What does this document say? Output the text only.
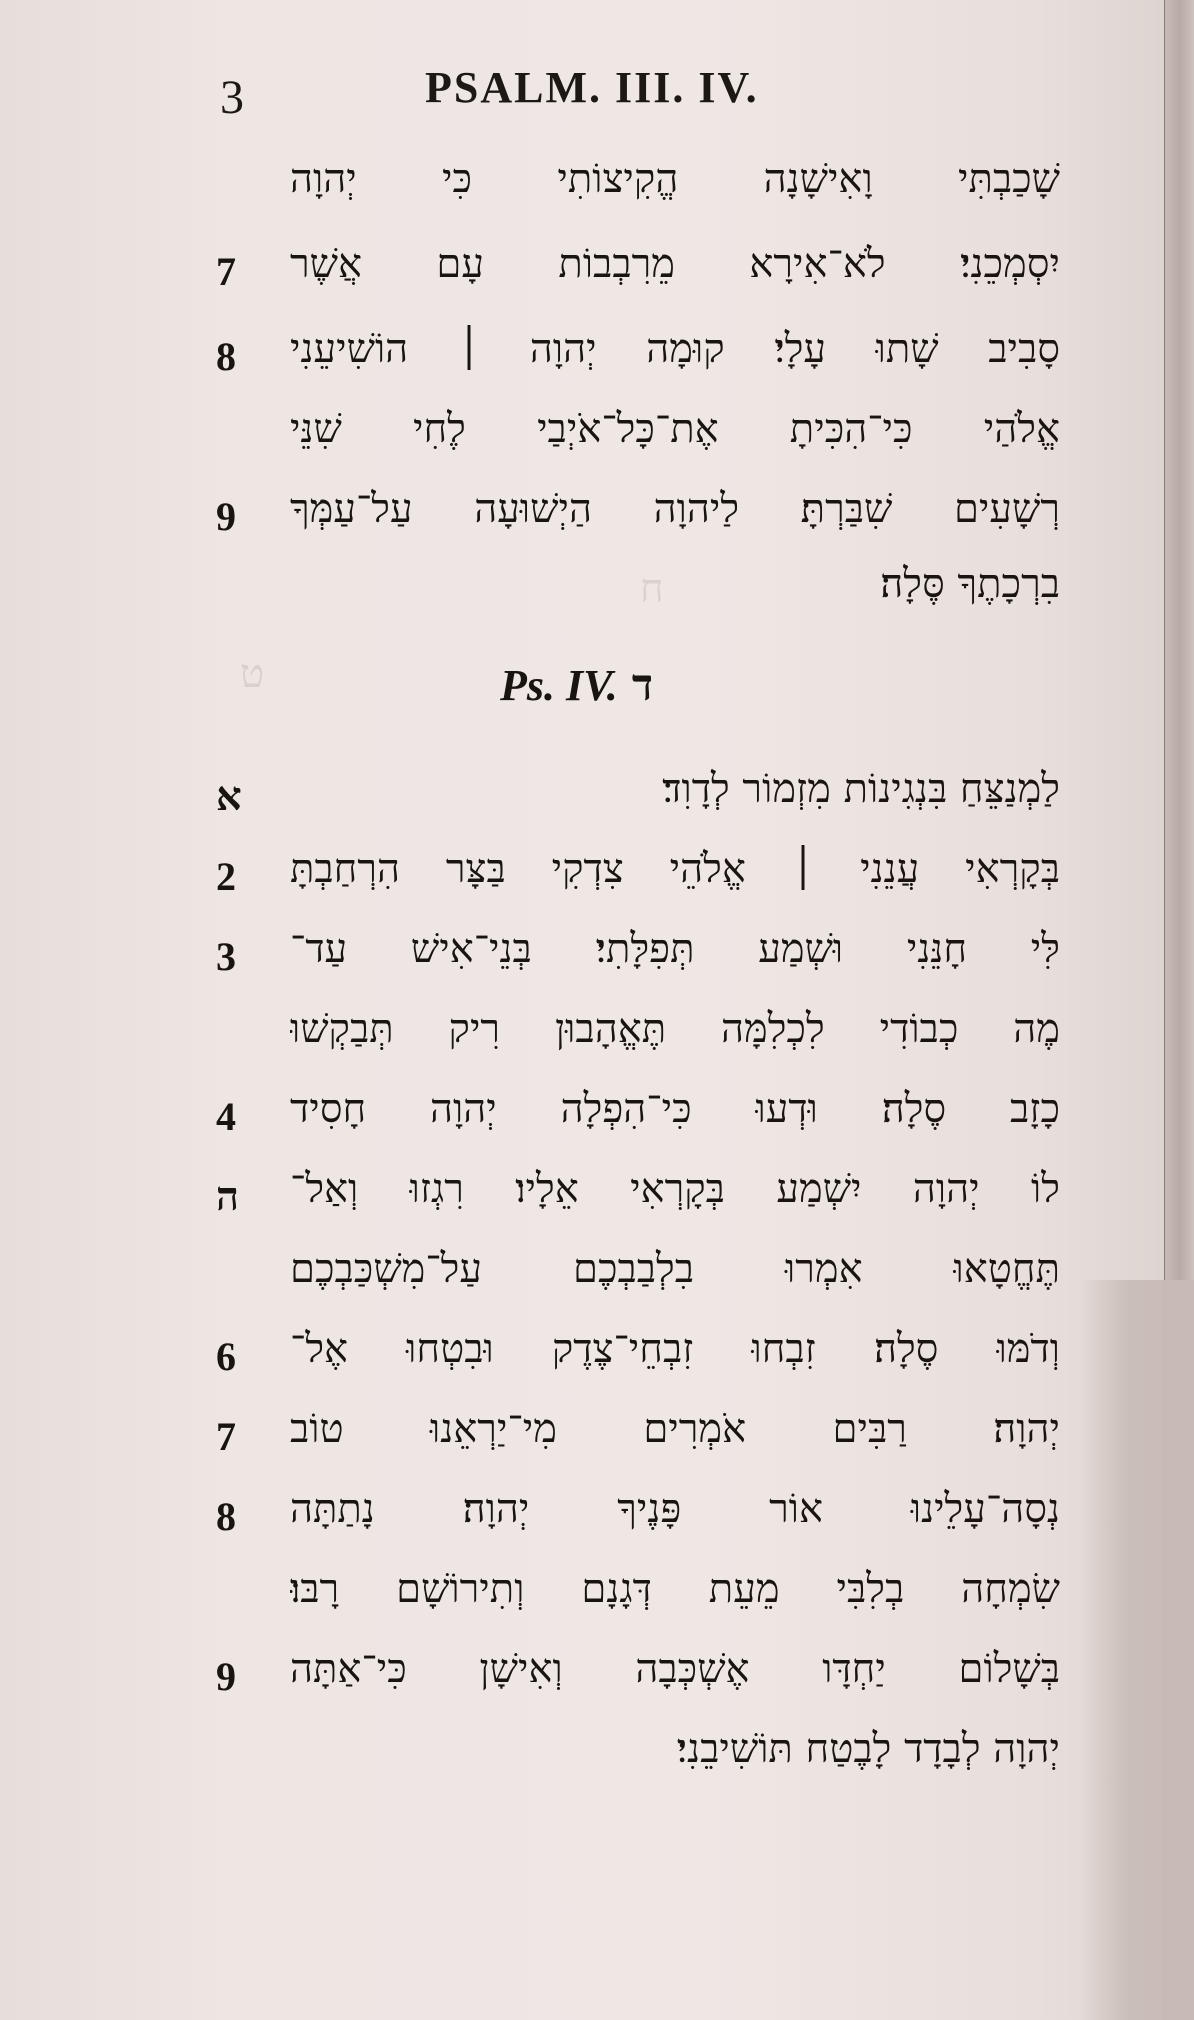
ח
ט
3	PSALM. III. IV.
שָׁכַבְתִּי וָאִישָׁנָה הֱקִיצוֹתִי כִּי יְהוָה
יִסְמְכֵנִי׃ לֹא־אִירָא מֵרִבְבוֹת עָם אֲשֶׁר
7
סָבִיב שָׁתוּ עָלָי׃ קוּמָה יְהוָה ׀ הוֹשִׁיעֵנִי
8
אֱלֹהַי כִּי־הִכִּיתָ אֶת־כָּל־אֹיְבַי לֶחִי שִׁנֵּי
רְשָׁעִים שִׁבַּרְתָּ׃ לַיהוָה הַיְשׁוּעָה עַל־עַמְּךָ
9
בִרְכָתֶךָ סֶּלָה׃
לַמְנַצֵּחַ בִּנְגִינוֹת מִזְמוֹר לְדָוִד׃
א
בְּקָרְאִי עֲנֵנִי ׀ אֱלֹהֵי צִדְקִי בַּצָּר הִרְחַבְתָּ
2
לִּי חָנֵּנִי וּשְׁמַע תְּפִלָּתִי׃ בְּנֵי־אִישׁ עַד־
3
מֶה כְבוֹדִי לִכְלִמָּה תֶּאֱהָבוּן רִיק תְּבַקְשׁוּ
כָזָב סֶלָה׃ וּדְעוּ כִּי־הִפְלָה יְהוָה חָסִיד
4
לוֹ יְהוָה יִשְׁמַע בְּקָרְאִי אֵלָיו׃ רִגְזוּ וְאַל־
ה
תֶּחֱטָאוּ אִמְרוּ בִלְבַבְכֶם עַל־מִשְׁכַּבְכֶם
וְדֹמּוּ סֶלָה׃ זִבְחוּ זִבְחֵי־צֶדֶק וּבִטְחוּ אֶל־
6
יְהוָה׃ רַבִּים אֹמְרִים מִי־יַרְאֵנוּ טוֹב
7
נְסָה־עָלֵינוּ אוֹר פָּנֶיךָ יְהוָה׃ נָתַתָּה
8
שִׂמְחָה בְלִבִּי מֵעֵת דְּגָנָם וְתִירוֹשָׁם רָבּוּ׃
בְּשָׁלוֹם יַחְדָּו אֶשְׁכְּבָה וְאִישָׁן כִּי־אַתָּה
9
יְהוָה לְבָדָד לָבֶטַח תּוֹשִׁיבֵנִי׃
Ps. IV. ד
